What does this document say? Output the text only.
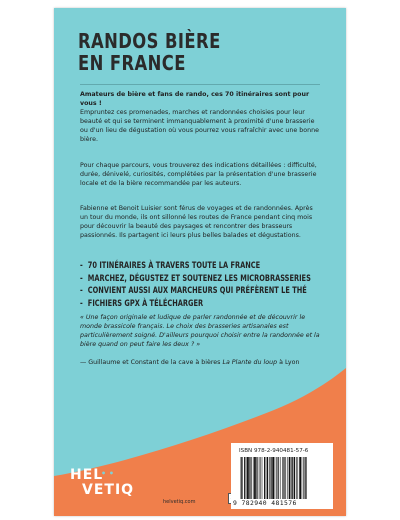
RANDOS BIÈRE
EN FRANCE

Amateurs de bière et fans de rando, ces 70 itinéraires sont pour vous !

Empruntez ces promenades, marches et randonnées choisies pour leur beauté et qui se terminent immanquablement à proximité d'une brasserie ou d'un lieu de dégustation où vous pourrez vous rafraîchir avec une bonne bière.

Pour chaque parcours, vous trouverez des indications détaillées : difficulté, durée, dénivelé, curiosités, complétées par la présentation d'une brasserie locale et de la bière recommandée par les auteurs.

Fabienne et Benoit Luisier sont férus de voyages et de randonnées. Après un tour du monde, ils ont sillonné les routes de France pendant cinq mois pour découvrir la beauté des paysages et rencontrer des brasseurs passionnés. Ils partagent ici leurs plus belles balades et dégustations.

- 70 ITINÉRAIRES À TRAVERS TOUTE LA FRANCE
- MARCHEZ, DÉGUSTEZ ET SOUTENEZ LES MICROBRASSERIES
- CONVIENT AUSSI AUX MARCHEURS QUI PRÉFÈRENT LE THÉ
- FICHIERS GPX À TÉLÉCHARGER

« Une façon originale et ludique de parler randonnée et de découvrir le monde brassicole français. Le choix des brasseries artisanales est particulièrement soigné. D'ailleurs pourquoi choisir entre la randonnée et la bière quand on peut faire les deux ? »

— Guillaume et Constant de la cave à bières La Plante du loup à Lyon

HEL
• •
VETIQ
helvetiq.com
ISBN 978-2-940481-57-6
9 782940 481576
